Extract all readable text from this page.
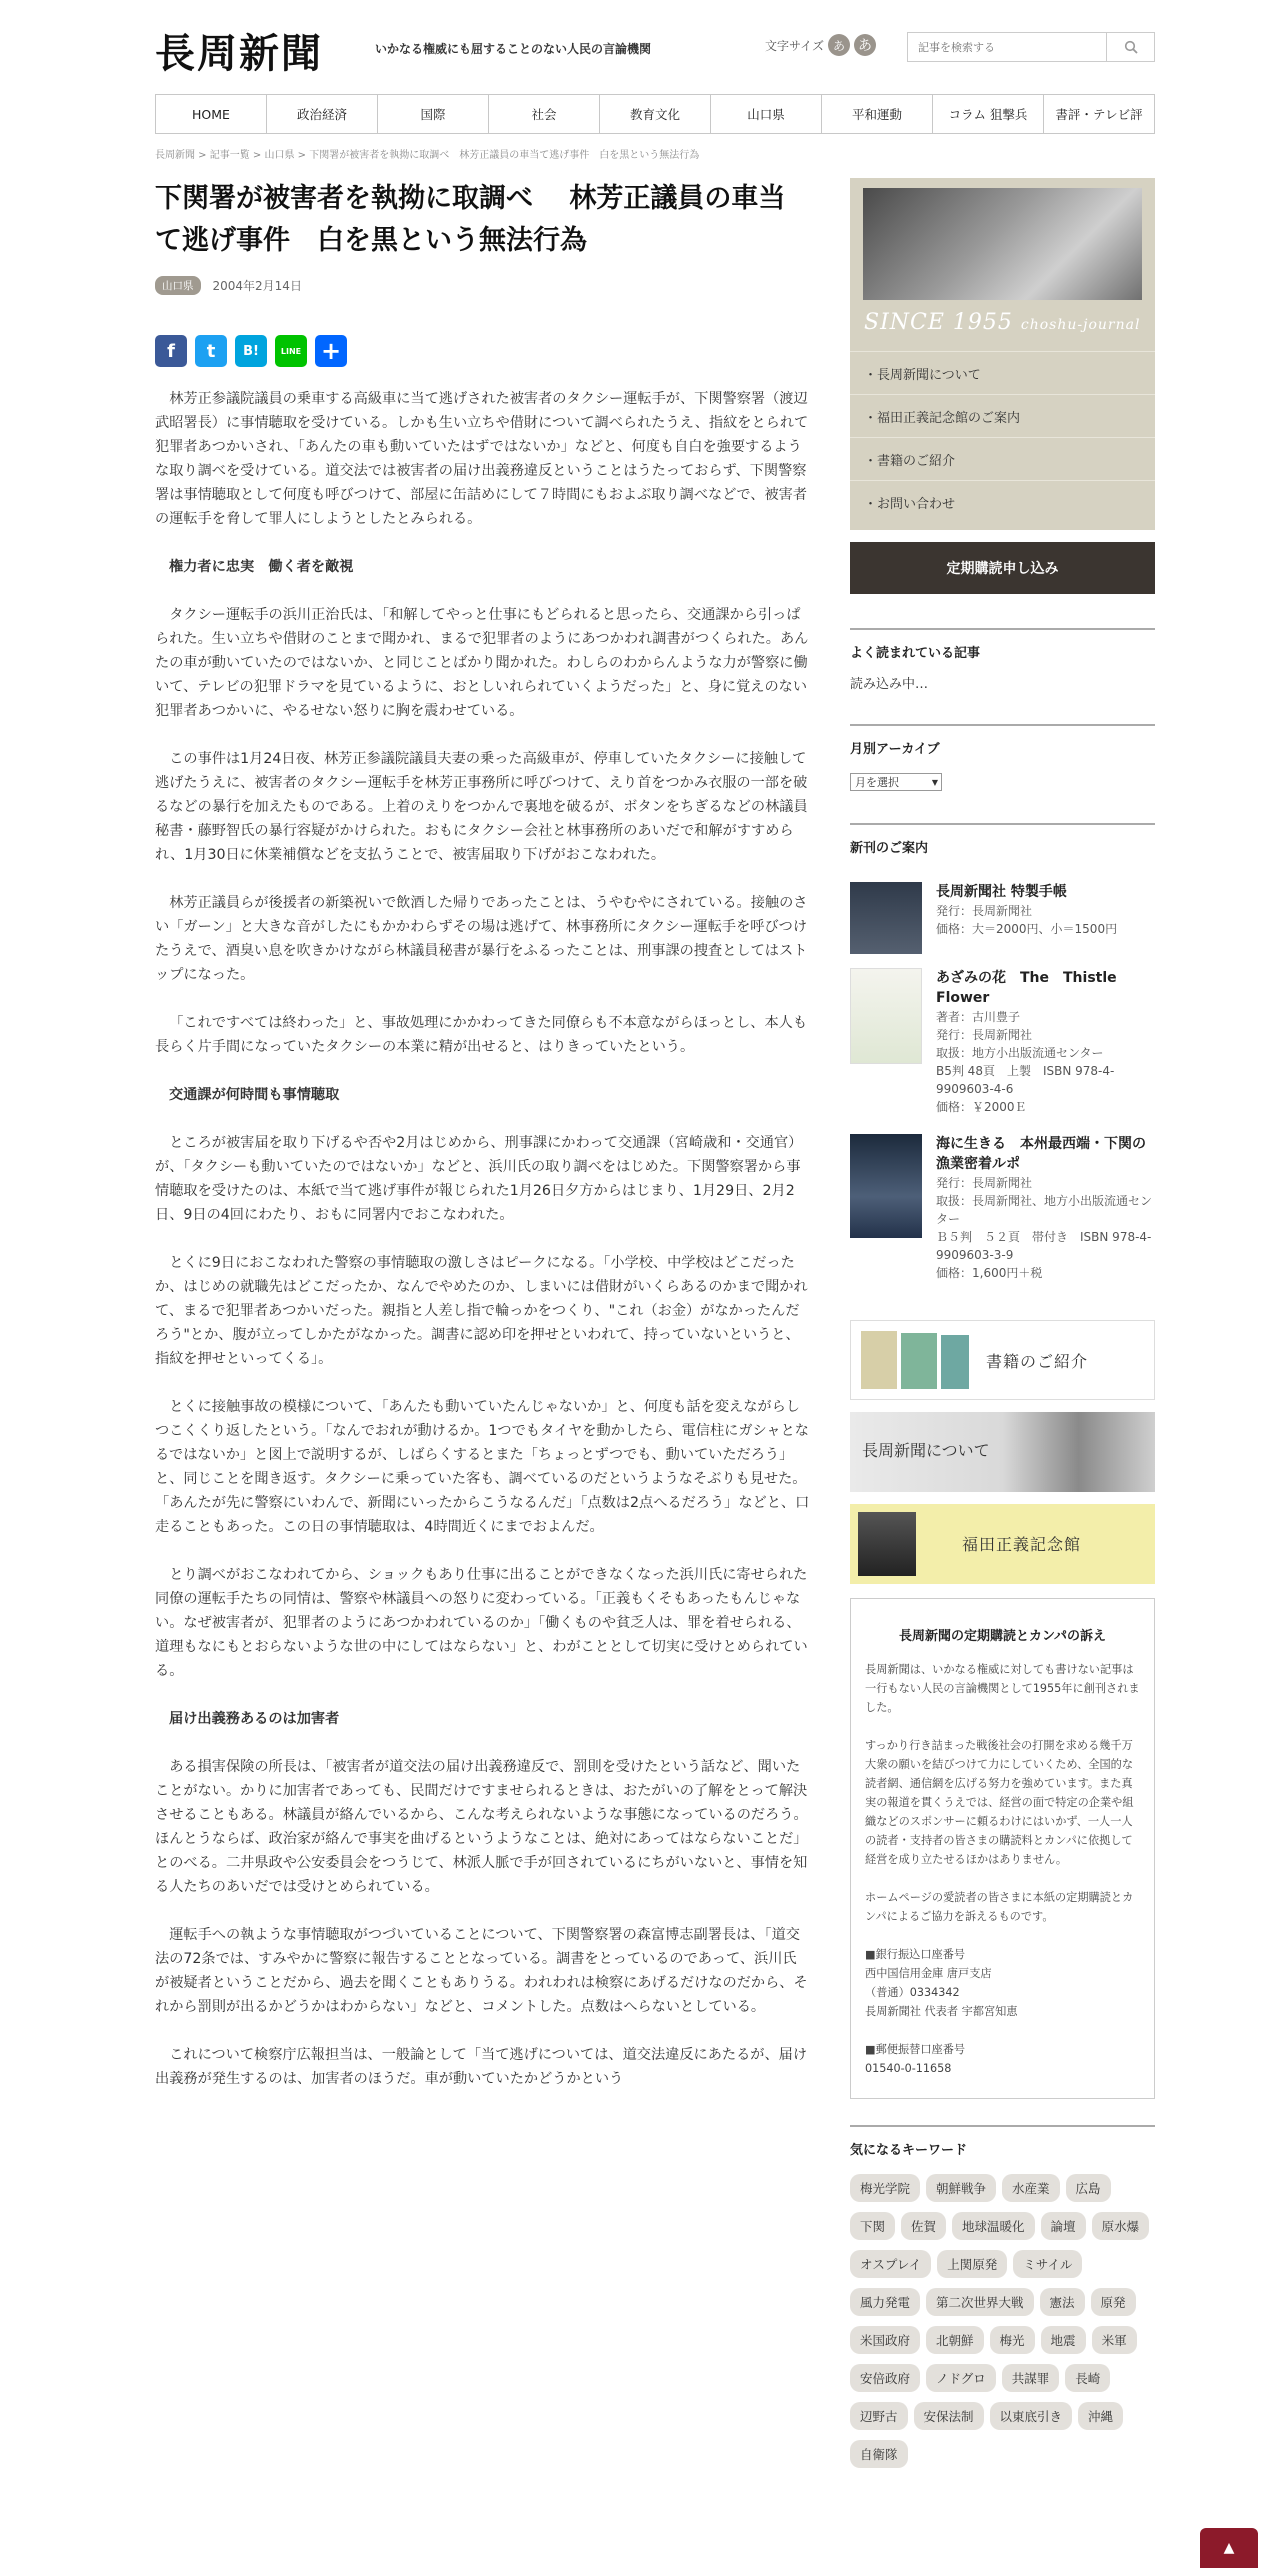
長周新聞	いかなる権威にも屈することのない人民の言論機関	文字サイズ あ あ
記事を検索する
HOME	政治経済	国際	社会	教育文化	山口県	平和運動	コラム 狙撃兵	書評・テレビ評
長周新聞 > 記事一覧 > 山口県 > 下関署が被害者を執拗に取調べ　林芳正議員の車当て逃げ事件　白を黒という無法行為
下関署が被害者を執拗に取調べ　 林芳正議員の車当て逃げ事件　白を黒という無法行為
山口県	2004年2月14日
f t B!	LINE +

林芳正参議院議員の乗車する高級車に当て逃げされた被害者のタクシー運転手が、下関警察署（渡辺武昭署長）に事情聴取を受けている。しかも生い立ちや借財について調べられたうえ、指紋をとられて犯罪者あつかいされ、「あんたの車も動いていたはずではないか」などと、何度も自白を強要するような取り調べを受けている。道交法では被害者の届け出義務違反ということはうたっておらず、下関警察署は事情聴取として何度も呼びつけて、部屋に缶詰めにして７時間にもおよぶ取り調べなどで、被害者の運転手を脅して罪人にしようとしたとみられる。

権力者に忠実　働く者を敵視

タクシー運転手の浜川正治氏は、「和解してやっと仕事にもどられると思ったら、交通課から引っぱられた。生い立ちや借財のことまで聞かれ、まるで犯罪者のようにあつかわれ調書がつくられた。あんたの車が動いていたのではないか、と同じことばかり聞かれた。わしらのわからんような力が警察に働いて、テレビの犯罪ドラマを見ているように、おとしいれられていくようだった」と、身に覚えのない犯罪者あつかいに、やるせない怒りに胸を震わせている。

この事件は1月24日夜、林芳正参議院議員夫妻の乗った高級車が、停車していたタクシーに接触して逃げたうえに、被害者のタクシー運転手を林芳正事務所に呼びつけて、えり首をつかみ衣服の一部を破るなどの暴行を加えたものである。上着のえりをつかんで裏地を破るが、ボタンをちぎるなどの林議員秘書・藤野智氏の暴行容疑がかけられた。おもにタクシー会社と林事務所のあいだで和解がすすめられ、1月30日に休業補償などを支払うことで、被害届取り下げがおこなわれた。

林芳正議員らが後援者の新築祝いで飲酒した帰りであったことは、うやむやにされている。接触のさい「ガーン」と大きな音がしたにもかかわらずその場は逃げて、林事務所にタクシー運転手を呼びつけたうえで、酒臭い息を吹きかけながら林議員秘書が暴行をふるったことは、刑事課の捜査としてはストップになった。

「これですべては終わった」と、事故処理にかかわってきた同僚らも不本意ながらほっとし、本人も長らく片手間になっていたタクシーの本業に精が出せると、はりきっていたという。

交通課が何時間も事情聴取

ところが被害届を取り下げるや否や2月はじめから、刑事課にかわって交通課（宮崎歳和・交通官）が、「タクシーも動いていたのではないか」などと、浜川氏の取り調べをはじめた。下関警察署から事情聴取を受けたのは、本紙で当て逃げ事件が報じられた1月26日夕方からはじまり、1月29日、2月2日、9日の4回にわたり、おもに同署内でおこなわれた。

とくに9日におこなわれた警察の事情聴取の激しさはピークになる。「小学校、中学校はどこだったか、はじめの就職先はどこだったか、なんでやめたのか、しまいには借財がいくらあるのかまで聞かれて、まるで犯罪者あつかいだった。親指と人差し指で輪っかをつくり、"これ（お金）がなかったんだろう"とか、腹が立ってしかたがなかった。調書に認め印を押せといわれて、持っていないというと、指紋を押せといってくる」。

とくに接触事故の模様について、「あんたも動いていたんじゃないか」と、何度も話を変えながらしつこくくり返したという。「なんでおれが動けるか。1つでもタイヤを動かしたら、電信柱にガシャとなるではないか」と図上で説明するが、しばらくするとまた「ちょっとずつでも、動いていただろう」と、同じことを聞き返す。タクシーに乗っていた客も、調べているのだというようなそぶりも見せた。「あんたが先に警察にいわんで、新聞にいったからこうなるんだ」「点数は2点へるだろう」などと、口走ることもあった。この日の事情聴取は、4時間近くにまでおよんだ。

とり調べがおこなわれてから、ショックもあり仕事に出ることができなくなった浜川氏に寄せられた同僚の運転手たちの同情は、警察や林議員への怒りに変わっている。「正義もくそもあったもんじゃない。なぜ被害者が、犯罪者のようにあつかわれているのか」「働くものや貧乏人は、罪を着せられる、道理もなにもとおらないような世の中にしてはならない」と、わがこととして切実に受けとめられている。

届け出義務あるのは加害者

ある損害保険の所長は、「被害者が道交法の届け出義務違反で、罰則を受けたという話など、聞いたことがない。かりに加害者であっても、民間だけですませられるときは、おたがいの了解をとって解決させることもある。林議員が絡んでいるから、こんな考えられないような事態になっているのだろう。ほんとうならば、政治家が絡んで事実を曲げるというようなことは、絶対にあってはならないことだ」とのべる。二井県政や公安委員会をつうじて、林派人脈で手が回されているにちがいないと、事情を知る人たちのあいだでは受けとめられている。

運転手への執ような事情聴取がつづいていることについて、下関警察署の森富博志副署長は、「道交法の72条では、すみやかに警察に報告することとなっている。調書をとっているのであって、浜川氏が被疑者ということだから、過去を聞くこともありうる。われわれは検察にあげるだけなのだから、それから罰則が出るかどうかはわからない」などと、コメントした。点数はへらないとしている。

これについて検察庁広報担当は、一般論として「当て逃げについては、道交法違反にあたるが、届け出義務が発生するのは、加害者のほうだ。車が動いていたかどうかという

SINCE 1955 choshu-journal
・ 長周新聞について
・ 福田正義記念館のご案内
・ 書籍のご紹介
・ お問い合わせ
定期購読申し込み
よく読まれている記事
読み込み中…
月別アーカイブ
月を選択	▼
新刊のご案内
長周新聞社 特製手帳
発行：長周新聞社
価格：大＝2000円、小＝1500円
あざみの花　The　Thistle Flower
著者：古川豊子
発行：長周新聞社
取扱：地方小出版流通センター
B5判 48頁　上製　ISBN 978-4-9909603-4-6
価格：￥2000Ｅ
海に生きる　本州最西端・下関の漁業密着ルポ
発行：長周新聞社
取扱：長周新聞社、地方小出版流通センター
Ｂ５判　５２頁　帯付き　ISBN 978-4-9909603-3-9
価格：1,600円＋税
書籍のご紹介
長周新聞について
福田正義記念館
長周新聞の定期購読とカンパの訴え

長周新聞は、いかなる権威に対しても書けない記事は一行もない人民の言論機関として1955年に創刊されました。

すっかり行き詰まった戦後社会の打開を求める幾千万大衆の願いを結びつけて力にしていくため、全国的な読者網、通信網を広げる努力を強めています。また真実の報道を貫くうえでは、経営の面で特定の企業や組織などのスポンサーに頼るわけにはいかず、一人一人の読者・支持者の皆さまの購読料とカンパに依拠して経営を成り立たせるほかはありません。

ホームページの愛読者の皆さまに本紙の定期購読とカンパによるご協力を訴えるものです。

■銀行振込口座番号

西中国信用金庫 唐戸支店

（普通）0334342

長周新聞社 代表者 宇都宮知恵

■郵便振替口座番号

01540-0-11658

気になるキーワード
梅光学院	朝鮮戦争	水産業	広島
下関	佐賀	地球温暖化	論壇	原水爆
オスプレイ	上関原発	ミサイル
風力発電	第二次世界大戦	憲法	原発
米国政府	北朝鮮	梅光	地震	米軍
安倍政府	ノドグロ	共謀罪	長崎
辺野古	安保法制	以東底引き	沖縄
自衛隊
▲
